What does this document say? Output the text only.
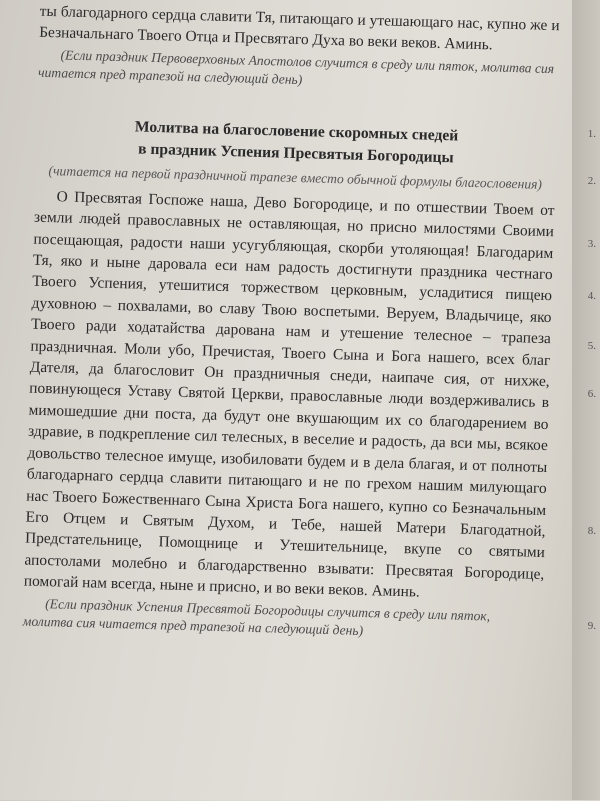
1.
2.
3.
4.
5.
6.
8.
9.

ты благодарного сердца славити Тя, питающаго и утешающаго нас, купно же и Безначальнаго Твоего Отца и Пресвятаго Духа во веки веков. Аминь.

(Если праздник Первоверховных Апостолов случится в среду или пяток, молитва сия читается пред трапезой на следующий день)

Молитва на благословение скоромных снедей
в праздник Успения Пресвятыя Богородицы

(читается на первой праздничной трапезе вместо обычной формулы благословения)

О Пресвятая Госпоже наша, Дево Богородице, и по отшествии Твоем от земли людей православных не оставляющая, но присно милостями Своими посещающая, радости наши усугубляющая, скорби утоляющая! Благодарим Тя, яко и ныне даровала еси нам радость достигнути праздника честнаго Твоего Успения, утешитися торжеством церковным, усладитися пищею духовною – похвалами, во славу Твою воспетыми. Веруем, Владычице, яко Твоего ради ходатайства дарована нам и утешение телесное – трапеза праздничная. Моли убо, Пречистая, Твоего Сына и Бога нашего, всех благ Дателя, да благословит Он праздничныя снеди, наипаче сия, от нихже, повинующеся Уставу Святой Церкви, православные люди воздерживались в мимошедшие дни поста, да будут оне вкушающим их со благодарением во здравие, в подкрепление сил телесных, в веселие и радость, да вси мы, всякое довольство телесное имуще, изобиловати будем и в дела благая, и от полноты благодарнаго сердца славити питающаго и не по грехом нашим милующаго нас Твоего Божественнаго Сына Христа Бога нашего, купно со Безначальным Его Отцем и Святым Духом, и Тебе, нашей Матери Благодатной, Предстательнице, Помощнице и Утешительнице, вкупе со святыми апостолами молебно и благодарственно взывати: Пресвятая Богородице, помогай нам всегда, ныне и присно, и во веки веков. Аминь.

(Если праздник Успения Пресвятой Богородицы случится в среду или пяток, молитва сия читается пред трапезой на следующий день)
